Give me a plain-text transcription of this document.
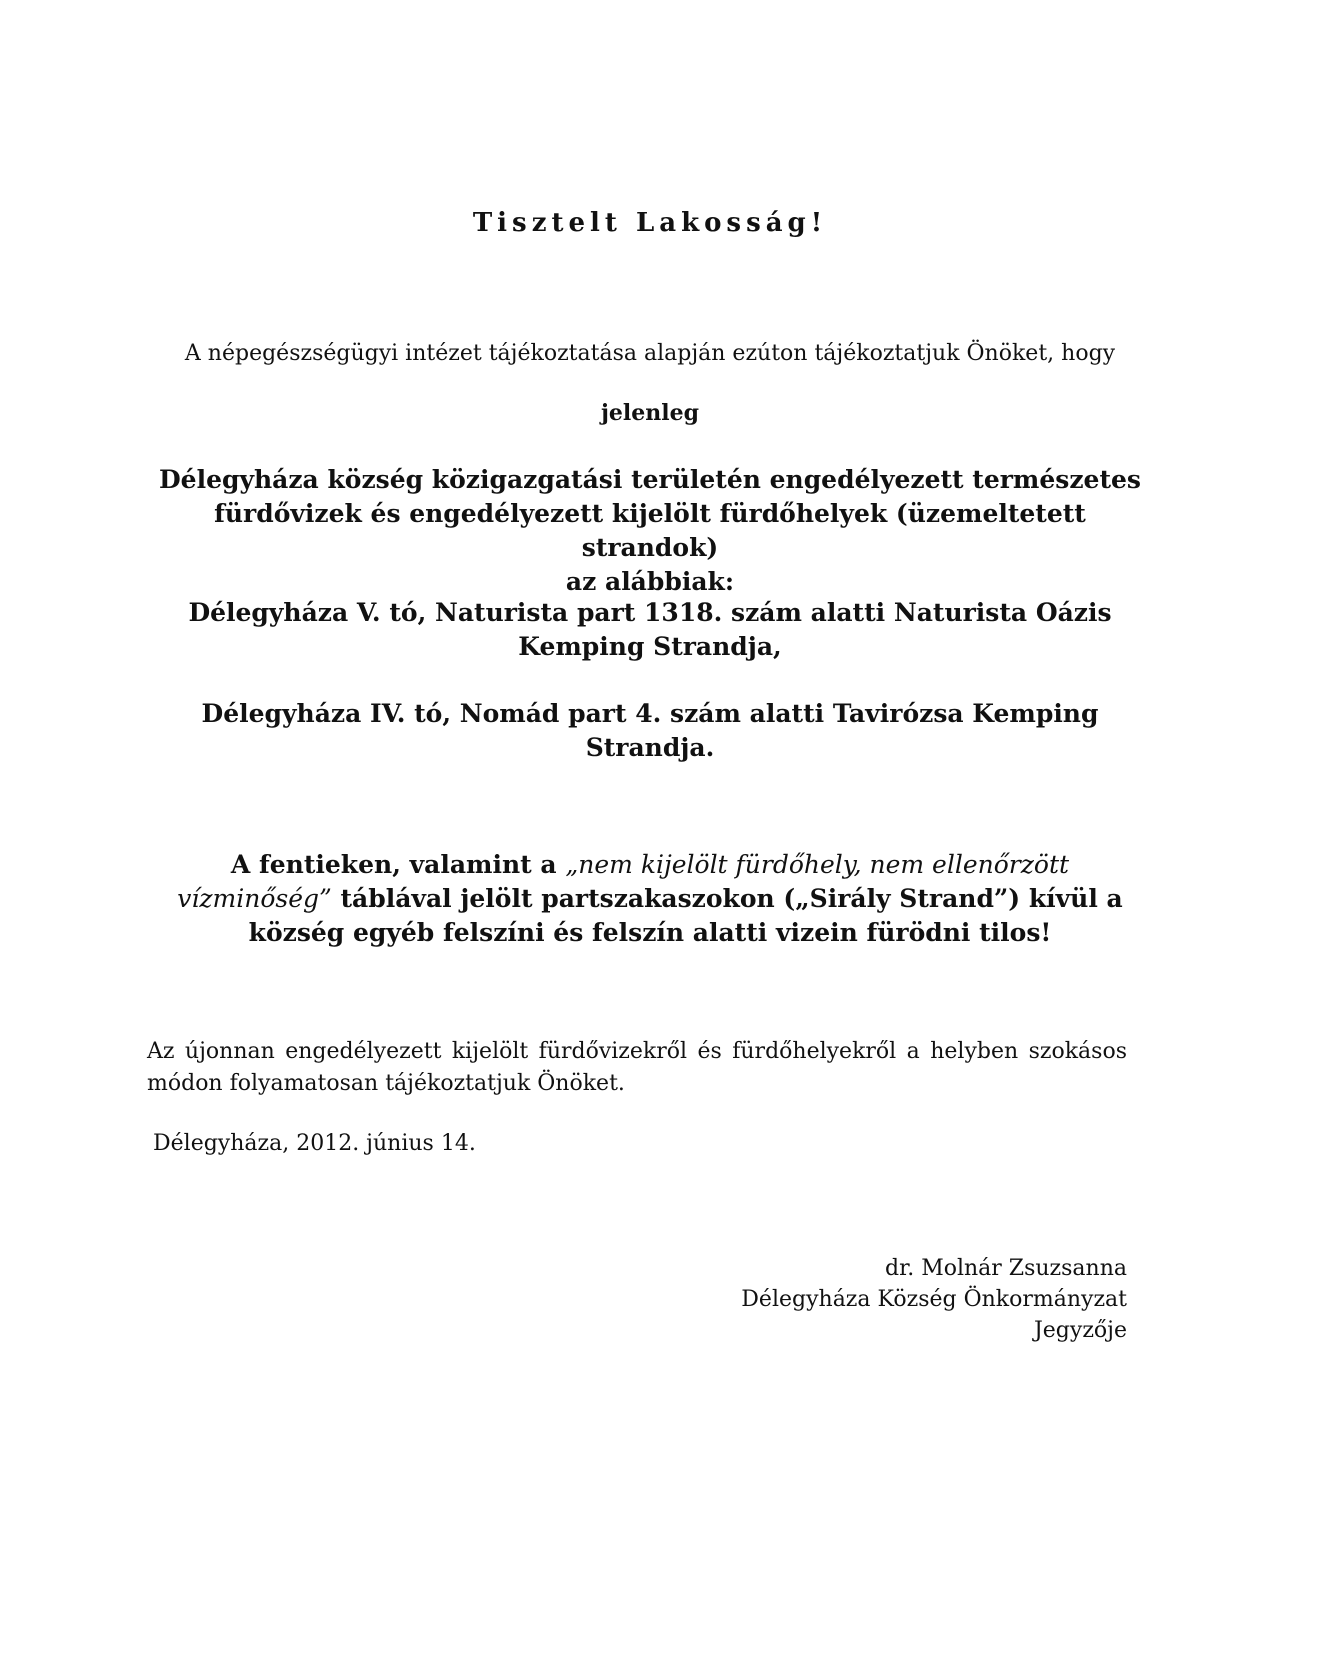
Tisztelt Lakosság!
A népegészségügyi intézet tájékoztatása alapján ezúton tájékoztatjuk Önöket, hogy
jelenleg

Délegyháza község közigazgatási területén engedélyezett természetes

fürdővizek és engedélyezett kijelölt fürdőhelyek (üzemeltetett strandok)

az alábbiak:

Délegyháza V. tó, Naturista part 1318. szám alatti Naturista Oázis
Kemping Strandja,
Délegyháza IV. tó, Nomád part 4. szám alatti Tavirózsa Kemping
Strandja.
A fentieken, valamint a „nem kijelölt fürdőhely, nem ellenőrzött vízminőség” táblával jelölt partszakaszokon („Sirály Strand”) kívül a község egyéb felszíni és felszín alatti vizein fürödni tilos!
Az újonnan engedélyezett kijelölt fürdővizekről és fürdőhelyekről a helyben szokásos módon folyamatosan tájékoztatjuk Önöket.
Délegyháza, 2012. június 14.
dr. Molnár Zsuzsanna
Délegyháza Község Önkormányzat
Jegyzője
